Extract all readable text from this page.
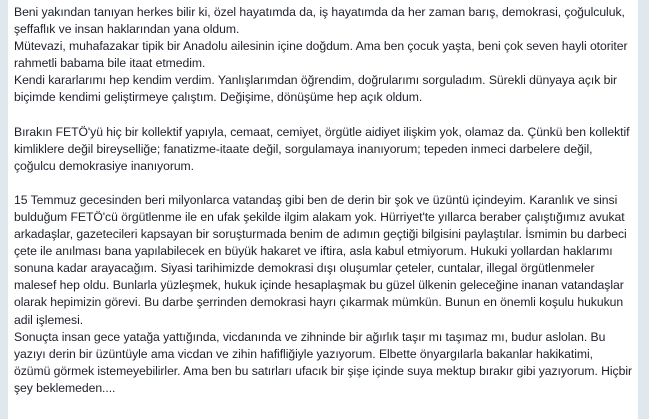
Beni yakından tanıyan herkes bilir ki, özel hayatımda da, iş hayatımda da her zaman barış, demokrasi, çoğulculuk, şeffaflık ve insan haklarından yana oldum.

Mütevazi, muhafazakar tipik bir Anadolu ailesinin içine doğdum. Ama ben çocuk yaşta, beni çok seven hayli otoriter rahmetli babama bile itaat etmedim.

Kendi kararlarımı hep kendim verdim. Yanlışlarımdan öğrendim, doğrularımı sorguladım. Sürekli dünyaya açık bir biçimde kendimi geliştirmeye çalıştım. Değişime, dönüşüme hep açık oldum.

Bırakın FETÖ'yü hiç bir kollektif yapıyla, cemaat, cemiyet, örgütle aidiyet ilişkim yok, olamaz da. Çünkü ben kollektif kimliklere değil bireyselliğe; fanatizme-itaate değil, sorgulamaya inanıyorum; tepeden inmeci darbelere değil, çoğulcu demokrasiye inanıyorum.

15 Temmuz gecesinden beri milyonlarca vatandaş gibi ben de derin bir şok ve üzüntü içindeyim. Karanlık ve sinsi bulduğum FETÖ'cü örgütlenme ile en ufak şekilde ilgim alakam yok. Hürriyet'te yıllarca beraber çalıştığımız avukat arkadaşlar, gazetecileri kapsayan bir soruşturmada benim de adımın geçtiği bilgisini paylaştılar. İsmimin bu darbeci çete ile anılması bana yapılabilecek en büyük hakaret ve iftira, asla kabul etmiyorum. Hukuki yollardan haklarımı sonuna kadar arayacağım. Siyasi tarihimizde demokrasi dışı oluşumlar çeteler, cuntalar, illegal örgütlenmeler malesef hep oldu. Bunlarla yüzleşmek, hukuk içinde hesaplaşmak bu güzel ülkenin geleceğine inanan vatandaşlar olarak hepimizin görevi. Bu darbe şerrinden demokrasi hayrı çıkarmak mümkün. Bunun en önemli koşulu hukukun adil işlemesi.

Sonuçta insan gece yatağa yattığında, vicdanında ve zihninde bir ağırlık taşır mı taşımaz mı, budur aslolan. Bu yazıyı derin bir üzüntüyle ama vicdan ve zihin hafifliğiyle yazıyorum. Elbette önyargılarla bakanlar hakikatimi, özümü görmek istemeyebilirler. Ama ben bu satırları ufacık bir şişe içinde suya mektup bırakır gibi yazıyorum. Hiçbir şey beklemeden....
